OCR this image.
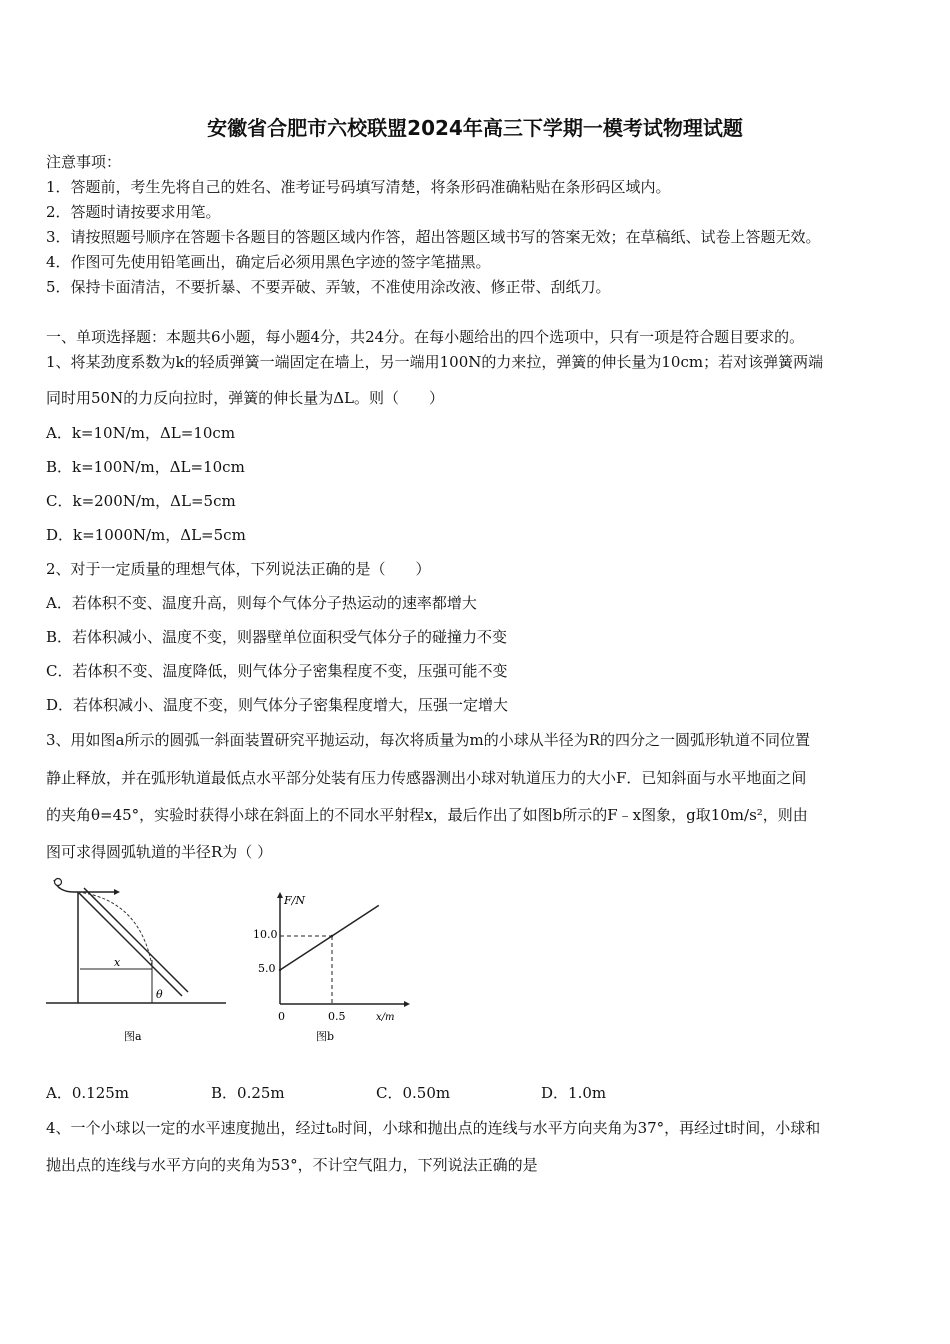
安徽省合肥市六校联盟2024年高三下学期一模考试物理试题
注意事项：
1．答题前，考生先将自己的姓名、准考证号码填写清楚，将条形码准确粘贴在条形码区域内。
2．答题时请按要求用笔。
3．请按照题号顺序在答题卡各题目的答题区域内作答，超出答题区域书写的答案无效；在草稿纸、试卷上答题无效。
4．作图可先使用铅笔画出，确定后必须用黑色字迹的签字笔描黑。
5．保持卡面清洁，不要折暴、不要弄破、弄皱，不准使用涂改液、修正带、刮纸刀。
一、单项选择题：本题共6小题，每小题4分，共24分。在每小题给出的四个选项中，只有一项是符合题目要求的。
1、将某劲度系数为k的轻质弹簧一端固定在墙上，另一端用100N的力来拉，弹簧的伸长量为10cm；若对该弹簧两端
同时用50N的力反向拉时，弹簧的伸长量为ΔL。则（　　）
A．k=10N/m，ΔL=10cm
B．k=100N/m，ΔL=10cm
C．k=200N/m，ΔL=5cm
D．k=1000N/m，ΔL=5cm
2、对于一定质量的理想气体，下列说法正确的是（　　）
A．若体积不变、温度升高，则每个气体分子热运动的速率都增大
B．若体积减小、温度不变，则器壁单位面积受气体分子的碰撞力不变
C．若体积不变、温度降低，则气体分子密集程度不变，压强可能不变
D．若体积减小、温度不变，则气体分子密集程度增大，压强一定增大
3、用如图a所示的圆弧一斜面装置研究平抛运动，每次将质量为m的小球从半径为R的四分之一圆弧形轨道不同位置
静止释放，并在弧形轨道最低点水平部分处装有压力传感器测出小球对轨道压力的大小F．已知斜面与水平地面之间
的夹角θ=45°，实验时获得小球在斜面上的不同水平射程x，最后作出了如图b所示的F﹣x图象，g取10m/s²，则由
图可求得圆弧轨道的半径R为（ ）
x
θ
图a
F/N
x/m
10.0
5.0
0	0.5
图b
A．0.125m	B．0.25m	C．0.50m	D．1.0m
4、一个小球以一定的水平速度抛出，经过t₀时间，小球和抛出点的连线与水平方向夹角为37°，再经过t时间，小球和
抛出点的连线与水平方向的夹角为53°，不计空气阻力，下列说法正确的是
